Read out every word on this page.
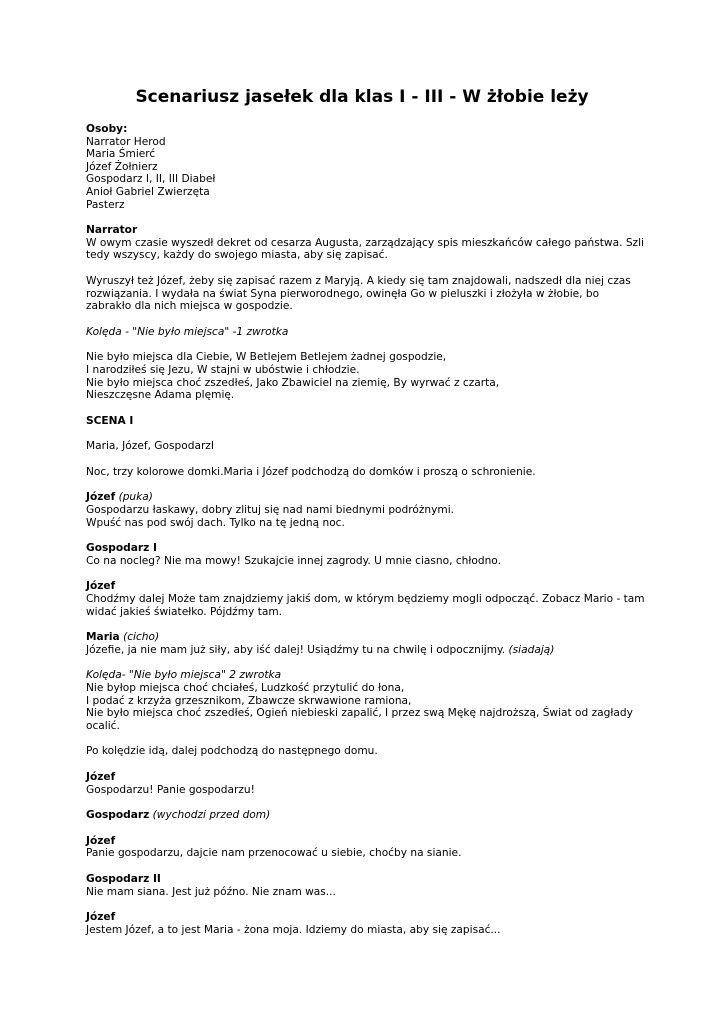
Scenariusz jasełek dla klas I - III - W żłobie leży
Osoby:
Narrator Herod
Maria Śmierć
Józef Żołnierz
Gospodarz I, II, III Diabeł
Anioł Gabriel Zwierzęta
Pasterz
Narrator
W owym czasie wyszedł dekret od cesarza Augusta, zarządzający spis mieszkańców całego państwa. Szli
tedy wszyscy, każdy do swojego miasta, aby się zapisać.
Wyruszył też Józef, żeby się zapisać razem z Maryją. A kiedy się tam znajdowali, nadszedł dla niej czas
rozwiązania. I wydała na świat Syna pierworodnego, owinęła Go w pieluszki i złożyła w żłobie, bo
zabrakło dla nich miejsca w gospodzie.
Kolęda - "Nie było miejsca" -1 zwrotka
Nie było miejsca dla Ciebie, W Betlejem Betlejem żadnej gospodzie,
I narodziłeś się Jezu, W stajni w ubóstwie i chłodzie.
Nie było miejsca choć zszedłeś, Jako Zbawiciel na ziemię, By wyrwać z czarta,
Nieszczęsne Adama plęmię.
SCENA I
Maria, Józef, GospodarzI
Noc, trzy kolorowe domki.Maria i Józef podchodzą do domków i proszą o schronienie.
Józef (puka)
Gospodarzu łaskawy, dobry zlituj się nad nami biednymi podróżnymi.
Wpuść nas pod swój dach. Tylko na tę jedną noc.
Gospodarz I
Co na nocleg? Nie ma mowy! Szukajcie innej zagrody. U mnie ciasno, chłodno.
Józef
Chodźmy dalej Może tam znajdziemy jakiś dom, w którym będziemy mogli odpocząć. Zobacz Mario - tam
widać jakieś światełko. Pójdźmy tam.
Maria (cicho)
Józefie, ja nie mam już siły, aby iść dalej! Usiądźmy tu na chwilę i odpocznijmy. (siadają)
Kolęda- "Nie było miejsca" 2 zwrotka
Nie byłop miejsca choć chciałeś, Ludzkość przytulić do łona,
I podać z krzyża grzesznikom, Zbawcze skrwawione ramiona,
Nie było miejsca choć zszedłeś, Ogień niebieski zapalić, I przez swą Mękę najdroższą, Świat od zagłady
ocalić.
Po kolędzie idą, dalej podchodzą do następnego domu.
Józef
Gospodarzu! Panie gospodarzu!
Gospodarz (wychodzi przed dom)
Józef
Panie gospodarzu, dajcie nam przenocować u siebie, choćby na sianie.
Gospodarz II
Nie mam siana. Jest już późno. Nie znam was...
Józef
Jestem Józef, a to jest Maria - żona moja. Idziemy do miasta, aby się zapisać...
